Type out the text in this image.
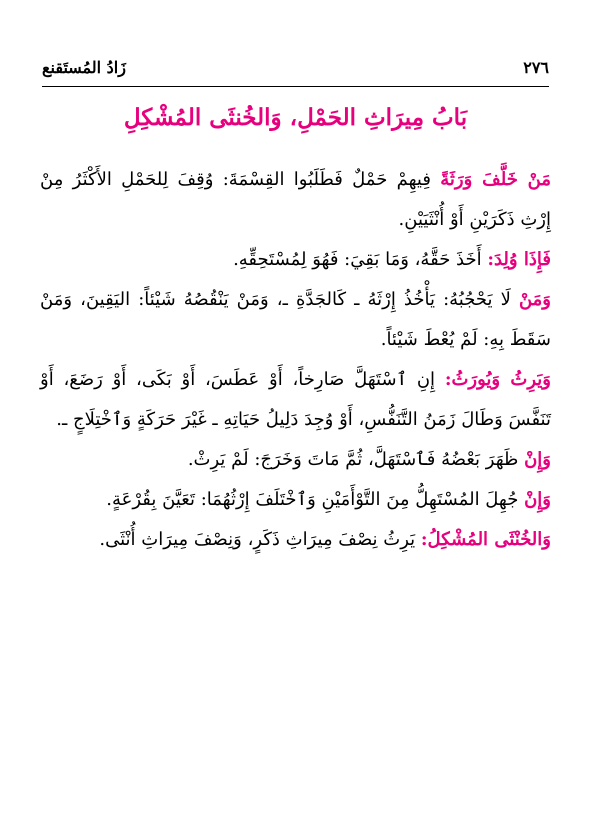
٢٧٦
زَادُ المُستَقنع
بَابُ مِيرَاثِ الحَمْلِ، وَالخُنثَى المُشْكِلِ

مَنْ خَلَّفَ وَرَثَةً فِيهِمْ حَمْلٌ فَطَلَبُوا القِسْمَةَ: وُقِفَ لِلحَمْلِ الأَكْثَرُ مِنْ إِرْثِ ذَكَرَيْنِ أَوْ أُنْثَيَيْنِ.

فَإِذَا وُلِدَ: أَخَذَ حَقَّهُ، وَمَا بَقِيَ: فَهُوَ لِمُسْتَحِقِّهِ.

وَمَنْ لَا يَحْجُبُهُ: يَأْخُذُ إِرْثَهُ ـ كَالجَدَّةِ ـ، وَمَنْ يَنْقُصُهُ شَيْئاً: اليَقِينَ، وَمَنْ سَقَطَ بِهِ: لَمْ يُعْطَ شَيْئاً.

وَيَرِثُ وَيُورَثُ: إِنِ ٱسْتَهَلَّ صَارِخاً، أَوْ عَطَسَ، أَوْ بَكَى، أَوْ رَضَعَ، أَوْ تَنَفَّسَ وَطَالَ زَمَنُ التَّنَفُّسِ، أَوْ وُجِدَ دَلِيلُ حَيَاتِهِ ـ غَيْرَ حَرَكَةٍ وَٱخْتِلَاجٍ ـ.

وَإِنْ ظَهَرَ بَعْضُهُ فَٱسْتَهَلَّ، ثُمَّ مَاتَ وَخَرَجَ: لَمْ يَرِثْ.

وَإِنْ جُهِلَ المُسْتَهِلُّ مِنَ التَّوْأَمَيْنِ وَٱخْتَلَفَ إِرْثُهُمَا: تَعَيَّنَ بِقُرْعَةٍ.

وَالخُنْثَى المُشْكِلُ: يَرِثُ نِصْفَ مِيرَاثِ ذَكَرٍ، وَنِصْفَ مِيرَاثِ أُنْثَى.
